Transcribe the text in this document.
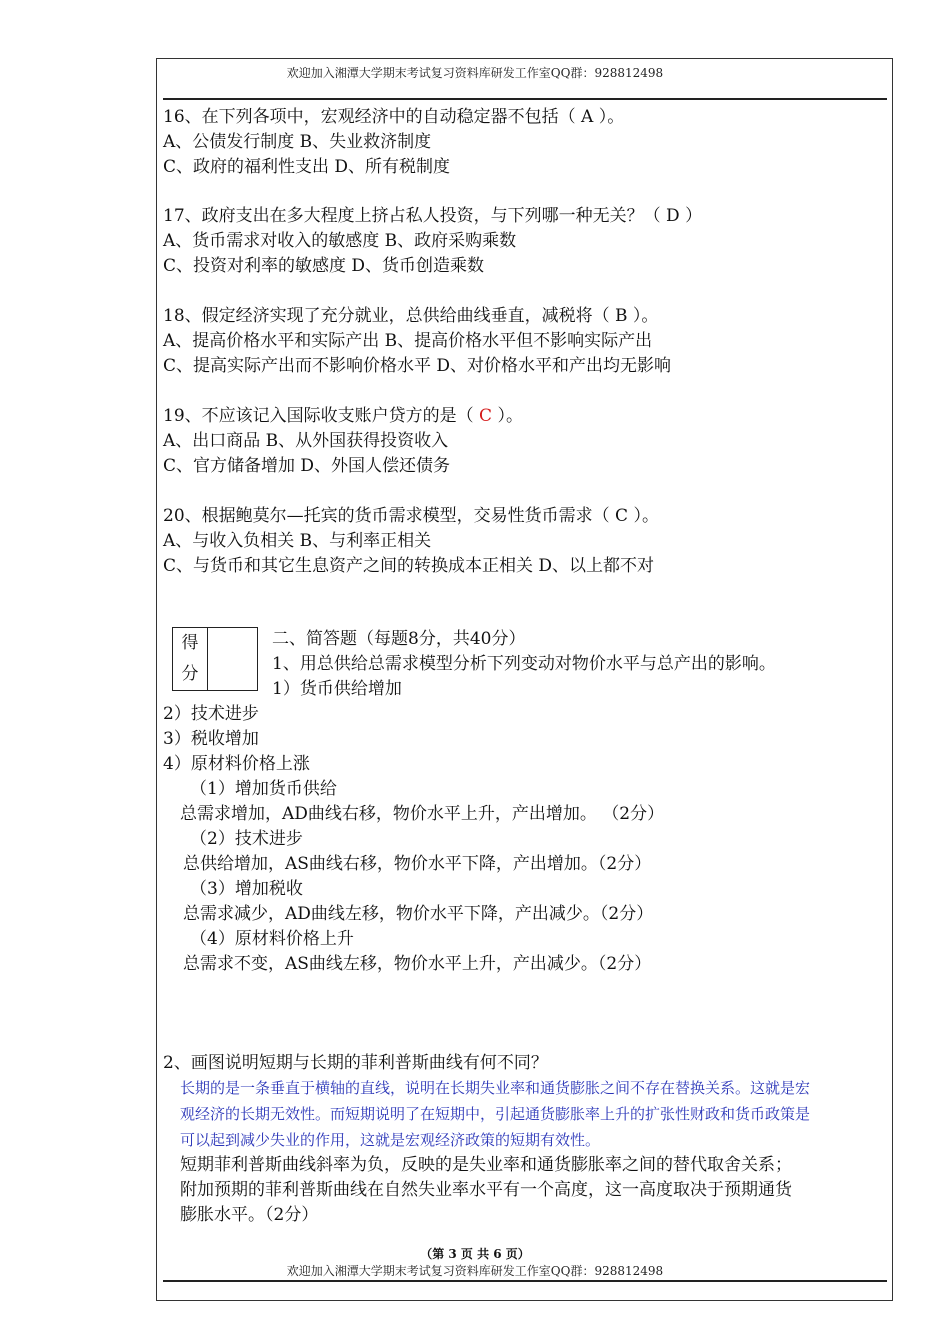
欢迎加入湘潭大学期末考试复习资料库研发工作室QQ群：928812498
16、在下列各项中，宏观经济中的自动稳定器不包括（ A ）。
A、公债发行制度 B、失业救济制度
C、政府的福利性支出 D、所有税制度
17、政府支出在多大程度上挤占私人投资，与下列哪一种无关？（ D ）
A、货币需求对收入的敏感度 B、政府采购乘数
C、投资对利率的敏感度 D、货币创造乘数
18、假定经济实现了充分就业，总供给曲线垂直，减税将（ B ）。
A、提高价格水平和实际产出 B、提高价格水平但不影响实际产出
C、提高实际产出而不影响价格水平 D、对价格水平和产出均无影响
19、不应该记入国际收支账户贷方的是（ C ）。
A、出口商品 B、从外国获得投资收入
C、官方储备增加 D、外国人偿还债务
20、根据鲍莫尔—托宾的货币需求模型，交易性货币需求（ C ）。
A、与收入负相关 B、与利率正相关
C、与货币和其它生息资产之间的转换成本正相关 D、以上都不对
得
分
二、简答题（每题8分，共40分）
1、用总供给总需求模型分析下列变动对物价水平与总产出的影响。
1）货币供给增加
2）技术进步
3）税收增加
4）原材料价格上涨
（1）增加货币供给
总需求增加，AD曲线右移，物价水平上升，产出增加。 （2分）
（2）技术进步
总供给增加，AS曲线右移，物价水平下降，产出增加。（2分）
（3）增加税收
总需求减少，AD曲线左移，物价水平下降，产出减少。（2分）
（4）原材料价格上升
总需求不变，AS曲线左移，物价水平上升，产出减少。（2分）
2、画图说明短期与长期的菲利普斯曲线有何不同？
长期的是一条垂直于横轴的直线，说明在长期失业率和通货膨胀之间不存在替换关系。这就是宏
观经济的长期无效性。而短期说明了在短期中，引起通货膨胀率上升的扩张性财政和货币政策是
可以起到减少失业的作用，这就是宏观经济政策的短期有效性。
短期菲利普斯曲线斜率为负，反映的是失业率和通货膨胀率之间的替代取舍关系；
附加预期的菲利普斯曲线在自然失业率水平有一个高度，这一高度取决于预期通货
膨胀水平。（2分）
（第 3 页 共 6 页）
欢迎加入湘潭大学期末考试复习资料库研发工作室QQ群：928812498
